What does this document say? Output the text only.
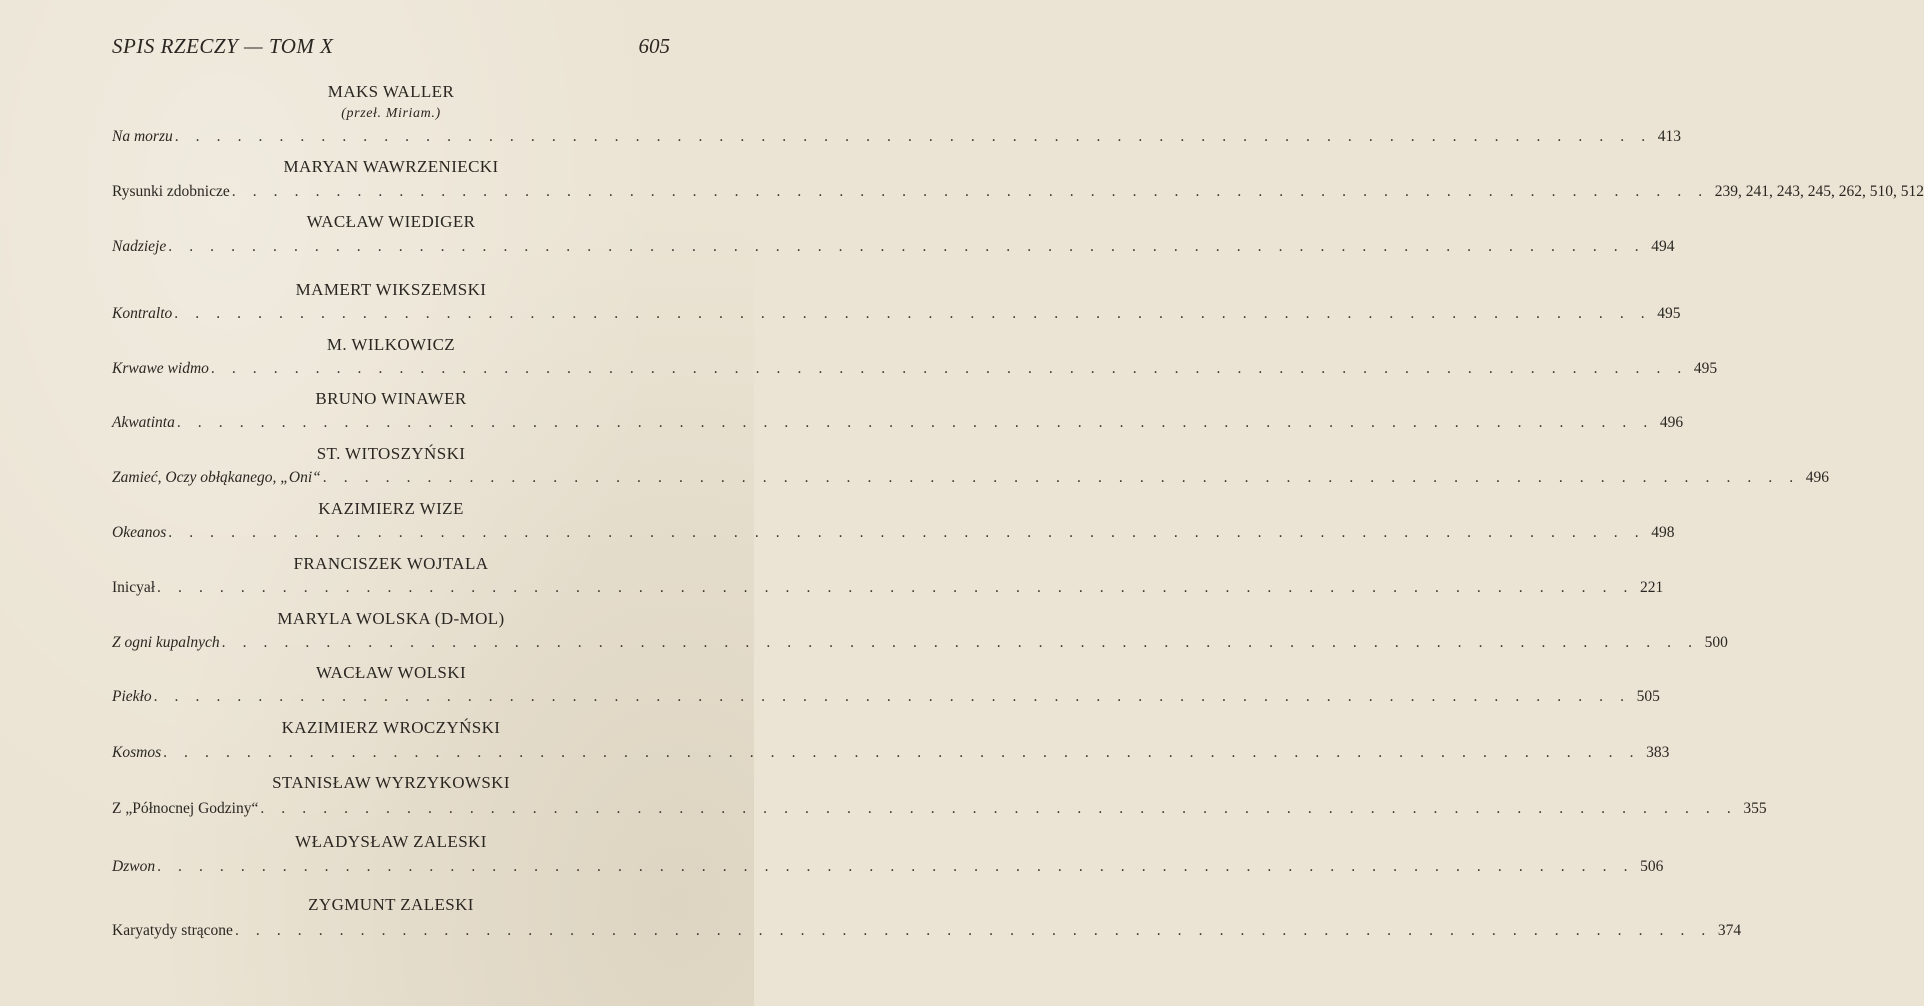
SPIS RZECZY — TOM X	605
MAKS WALLER
(przeł. Miriam.)
Na morzu . . . . . . . . . . . . . . . . . . . . . . . . . . . . . . . . . . . . . . . . . . . . . . . . . . . . . . . . . . . . . . . . . . . . . . . 413
MARYAN WAWRZENIECKI
Rysunki zdobnicze . . . . . . . . . . . . . . . . . . . . . . . . . . . . . . . . . . . . . . . . . . . . . . . . . . . . . . . . . . . . . . . . . . . . . . . 239, 241, 243, 245, 262, 510, 512
WACŁAW WIEDIGER
Nadzieje . . . . . . . . . . . . . . . . . . . . . . . . . . . . . . . . . . . . . . . . . . . . . . . . . . . . . . . . . . . . . . . . . . . . . . . 494
MAMERT WIKSZEMSKI
Kontralto . . . . . . . . . . . . . . . . . . . . . . . . . . . . . . . . . . . . . . . . . . . . . . . . . . . . . . . . . . . . . . . . . . . . . . . 495
M. WILKOWICZ
Krwawe widmo . . . . . . . . . . . . . . . . . . . . . . . . . . . . . . . . . . . . . . . . . . . . . . . . . . . . . . . . . . . . . . . . . . . . . . . 495
BRUNO WINAWER
Akwatinta . . . . . . . . . . . . . . . . . . . . . . . . . . . . . . . . . . . . . . . . . . . . . . . . . . . . . . . . . . . . . . . . . . . . . . . 496
ST. WITOSZYŃSKI
Zamieć, Oczy obłąkanego, „Oni“ . . . . . . . . . . . . . . . . . . . . . . . . . . . . . . . . . . . . . . . . . . . . . . . . . . . . . . . . . . . . . . . . . . . . . . . 496
KAZIMIERZ WIZE
Okeanos . . . . . . . . . . . . . . . . . . . . . . . . . . . . . . . . . . . . . . . . . . . . . . . . . . . . . . . . . . . . . . . . . . . . . . . 498
FRANCISZEK WOJTALA
Inicyał . . . . . . . . . . . . . . . . . . . . . . . . . . . . . . . . . . . . . . . . . . . . . . . . . . . . . . . . . . . . . . . . . . . . . . . 221
MARYLA WOLSKA (D-MOL)
Z ogni kupalnych . . . . . . . . . . . . . . . . . . . . . . . . . . . . . . . . . . . . . . . . . . . . . . . . . . . . . . . . . . . . . . . . . . . . . . . 500
WACŁAW WOLSKI
Piekło . . . . . . . . . . . . . . . . . . . . . . . . . . . . . . . . . . . . . . . . . . . . . . . . . . . . . . . . . . . . . . . . . . . . . . . 505
KAZIMIERZ WROCZYŃSKI
Kosmos . . . . . . . . . . . . . . . . . . . . . . . . . . . . . . . . . . . . . . . . . . . . . . . . . . . . . . . . . . . . . . . . . . . . . . . 383
STANISŁAW WYRZYKOWSKI
Z „Północnej Godziny“ . . . . . . . . . . . . . . . . . . . . . . . . . . . . . . . . . . . . . . . . . . . . . . . . . . . . . . . . . . . . . . . . . . . . . . . 355
WŁADYSŁAW ZALESKI
Dzwon . . . . . . . . . . . . . . . . . . . . . . . . . . . . . . . . . . . . . . . . . . . . . . . . . . . . . . . . . . . . . . . . . . . . . . . 506
ZYGMUNT ZALESKI
Karyatydy strącone . . . . . . . . . . . . . . . . . . . . . . . . . . . . . . . . . . . . . . . . . . . . . . . . . . . . . . . . . . . . . . . . . . . . . . . 374
